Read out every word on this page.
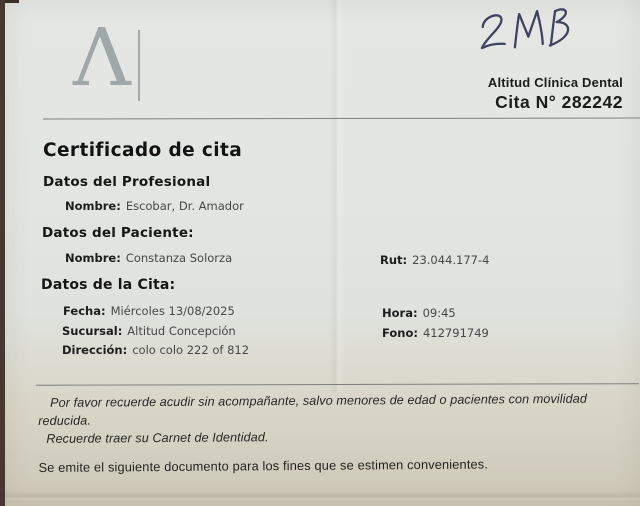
Λ	Altitud Clínica Dental
Cita N° 282242
Certificado de cita
Datos del Profesional
Nombre: Escobar, Dr. Amador
Datos del Paciente:
Nombre: Constanza Solorza	Rut: 23.044.177-4
Datos de la Cita:
Fecha: Miércoles 13/08/2025	Hora: 09:45
Sucursal: Altitud Concepción	Fono: 412791749
Dirección: colo colo 222 of 812
Por favor recuerde acudir sin acompañante, salvo menores de edad o pacientes con movilidad reducida.
Recuerde traer su Carnet de Identidad.
Se emite el siguiente documento para los fines que se estimen convenientes.
